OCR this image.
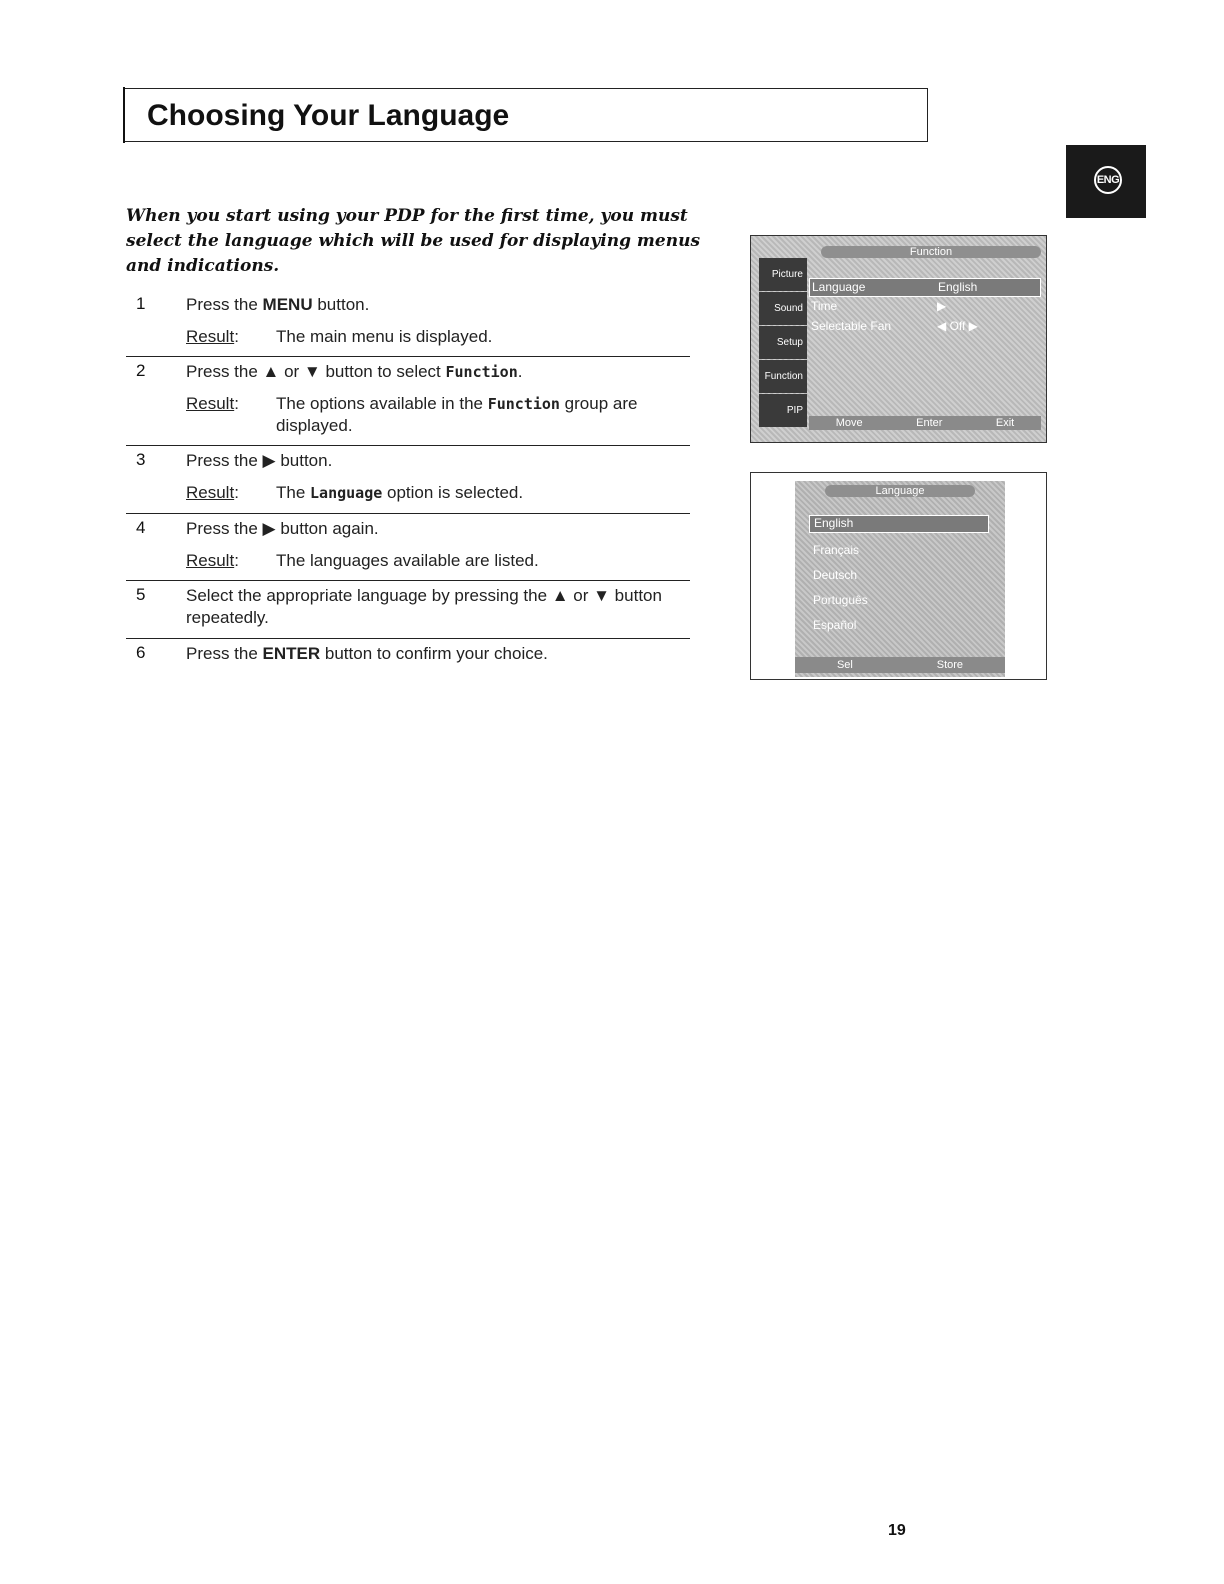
Choosing Your Language
ENG
When you start using your PDP for the first time, you must select the language which will be used for displaying menus and indications.
1 Press the MENU button.
Result:	The main menu is displayed.
2 Press the ▲ or ▼ button to select Function.
Result:	The options available in the Function group are displayed.
3 Press the ▶ button.
Result:	The Language option is selected.
4 Press the ▶ button again.
Result:	The languages available are listed.
5 Select the appropriate language by pressing the ▲ or ▼ button repeatedly.
6 Press the ENTER button to confirm your choice.
Function
Picture
Sound
Setup
Function
PIP
Language	English
Time	▶
Selectable Fan	◀ Off ▶
Move	Enter	Exit
Language
English
Français
Deutsch
Português
Español
Sel	Store
19
